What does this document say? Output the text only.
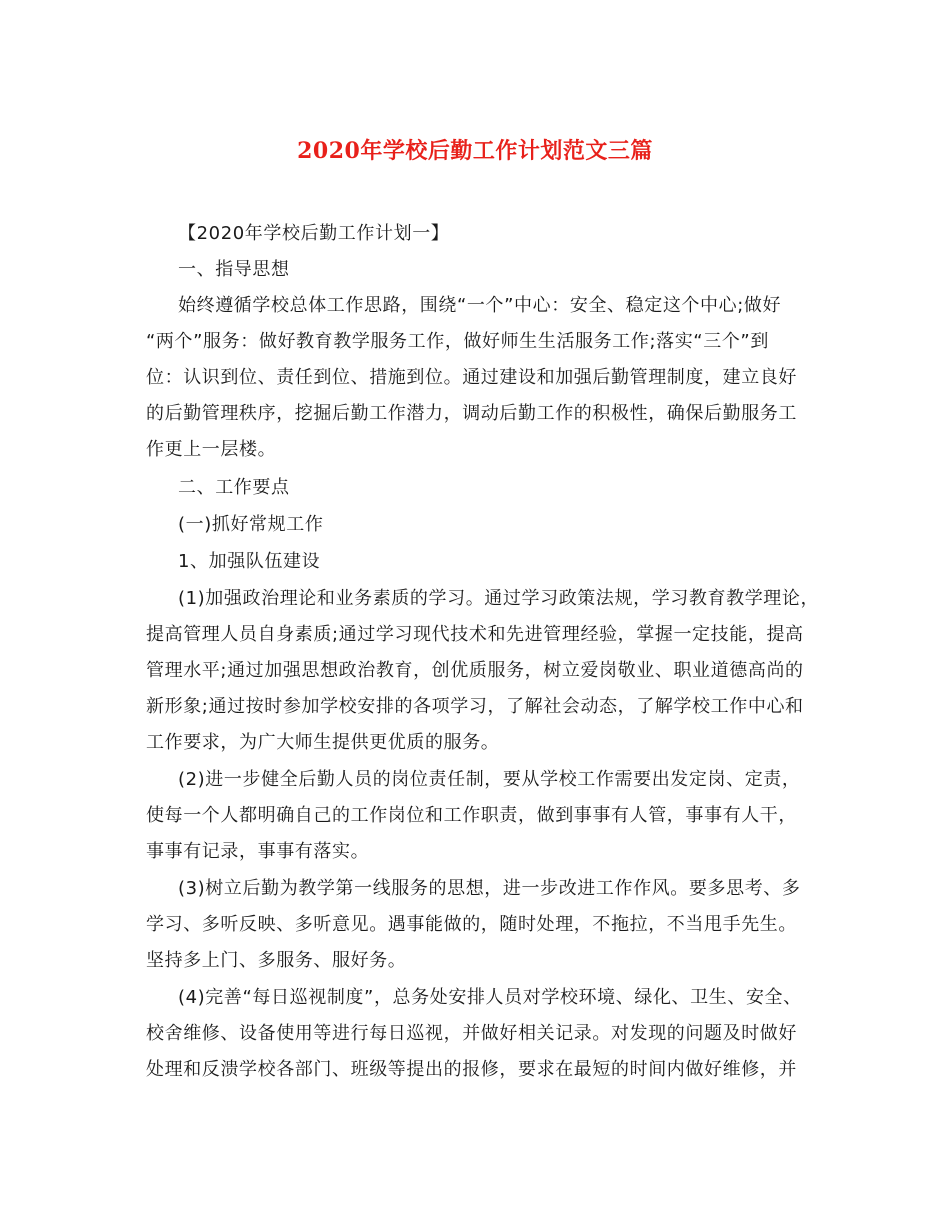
2020年学校后勤工作计划范文三篇
【2020年学校后勤工作计划一】
一、指导思想
始终遵循学校总体工作思路，围绕“一个”中心：安全、稳定这个中心;做好
“两个”服务：做好教育教学服务工作，做好师生生活服务工作;落实“三个”到
位：认识到位、责任到位、措施到位。通过建设和加强后勤管理制度，建立良好
的后勤管理秩序，挖掘后勤工作潜力，调动后勤工作的积极性，确保后勤服务工
作更上一层楼。
二、工作要点
(一)抓好常规工作
1、加强队伍建设
(1)加强政治理论和业务素质的学习。通过学习政策法规，学习教育教学理论，
提高管理人员自身素质;通过学习现代技术和先进管理经验，掌握一定技能，提高
管理水平;通过加强思想政治教育，创优质服务，树立爱岗敬业、职业道德高尚的
新形象;通过按时参加学校安排的各项学习，了解社会动态，了解学校工作中心和
工作要求，为广大师生提供更优质的服务。
(2)进一步健全后勤人员的岗位责任制，要从学校工作需要出发定岗、定责，
使每一个人都明确自己的工作岗位和工作职责，做到事事有人管，事事有人干，
事事有记录，事事有落实。
(3)树立后勤为教学第一线服务的思想，进一步改进工作作风。要多思考、多
学习、多听反映、多听意见。遇事能做的，随时处理，不拖拉，不当甩手先生。
坚持多上门、多服务、服好务。
(4)完善“每日巡视制度”，总务处安排人员对学校环境、绿化、卫生、安全、
校舍维修、设备使用等进行每日巡视，并做好相关记录。对发现的问题及时做好
处理和反溃学校各部门、班级等提出的报修，要求在最短的时间内做好维修，并
